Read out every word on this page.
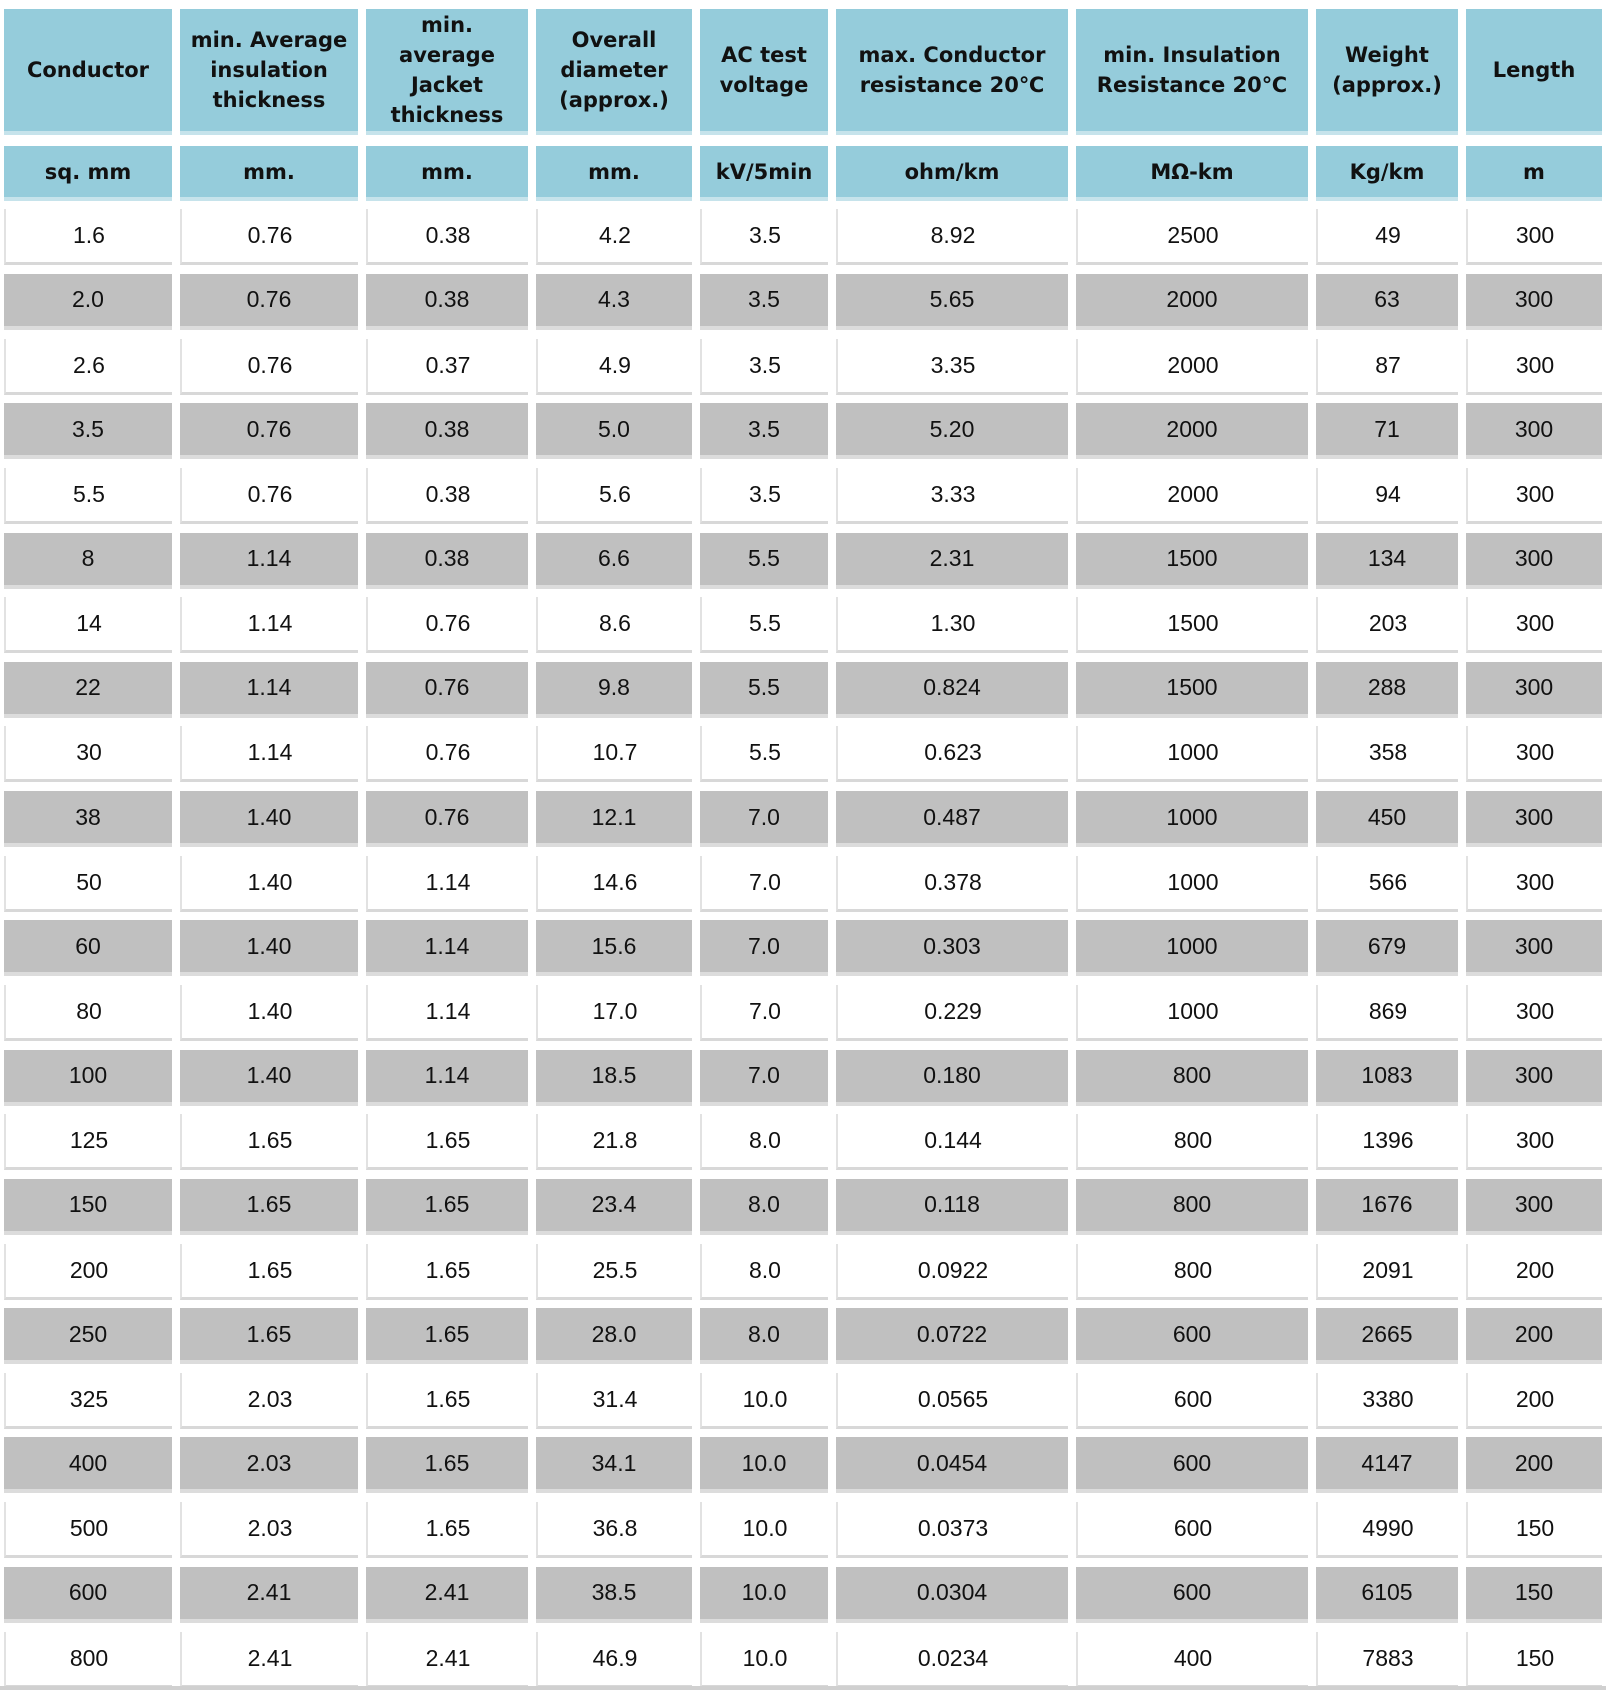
Conductor	min. Average insulation thickness	min. average Jacket thickness	Overall diameter (approx.)	AC test voltage	max. Conductor resistance 20℃	min. Insulation Resistance 20℃	Weight (approx.)	Length

sq. mm	mm.	mm.	mm.	kV/5min	ohm/km	MΩ-km	Kg/km	m

1.6	0.76	0.38	4.2	3.5	8.92	2500	49	300

2.0	0.76	0.38	4.3	3.5	5.65	2000	63	300

2.6	0.76	0.37	4.9	3.5	3.35	2000	87	300

3.5	0.76	0.38	5.0	3.5	5.20	2000	71	300

5.5	0.76	0.38	5.6	3.5	3.33	2000	94	300

8	1.14	0.38	6.6	5.5	2.31	1500	134	300

14	1.14	0.76	8.6	5.5	1.30	1500	203	300

22	1.14	0.76	9.8	5.5	0.824	1500	288	300

30	1.14	0.76	10.7	5.5	0.623	1000	358	300

38	1.40	0.76	12.1	7.0	0.487	1000	450	300

50	1.40	1.14	14.6	7.0	0.378	1000	566	300

60	1.40	1.14	15.6	7.0	0.303	1000	679	300

80	1.40	1.14	17.0	7.0	0.229	1000	869	300

100	1.40	1.14	18.5	7.0	0.180	800	1083	300

125	1.65	1.65	21.8	8.0	0.144	800	1396	300

150	1.65	1.65	23.4	8.0	0.118	800	1676	300

200	1.65	1.65	25.5	8.0	0.0922	800	2091	200

250	1.65	1.65	28.0	8.0	0.0722	600	2665	200

325	2.03	1.65	31.4	10.0	0.0565	600	3380	200

400	2.03	1.65	34.1	10.0	0.0454	600	4147	200

500	2.03	1.65	36.8	10.0	0.0373	600	4990	150

600	2.41	2.41	38.5	10.0	0.0304	600	6105	150

800	2.41	2.41	46.9	10.0	0.0234	400	7883	150
